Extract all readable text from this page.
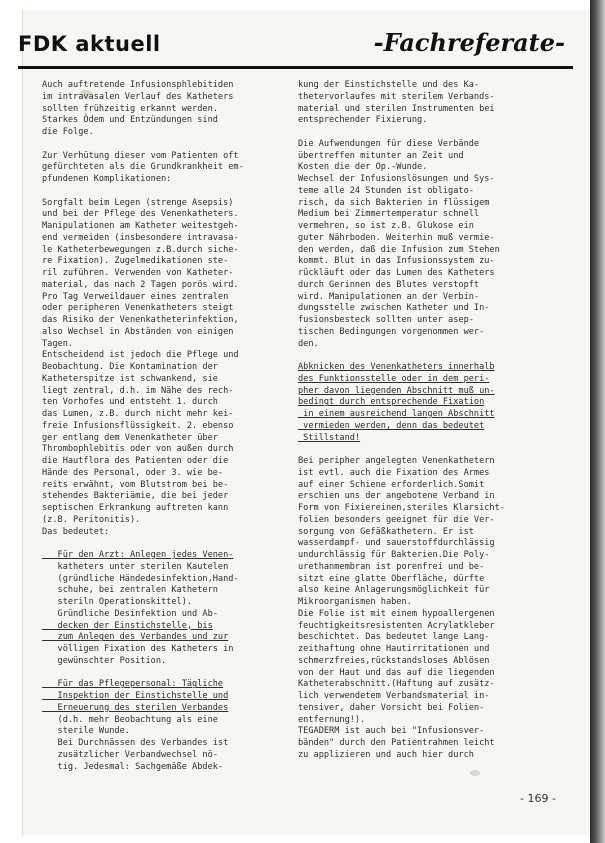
FDK aktuell	-Fachreferate-
Auch auftretende Infusionsphlebitiden
im intravasalen Verlauf des Katheters
sollten frühzeitig erkannt werden.
Starkes Ödem und Entzündungen sind
die Folge.
Zur Verhütung dieser vom Patienten oft
gefürchteten als die Grundkrankheit em-
pfundenen Komplikationen:
Sorgfalt beim Legen (strenge Asepsis)
und bei der Pflege des Venenkatheters.
Manipulationen am Katheter weitestgeh-
end vermeiden (insbesondere intravasa-
le Katheterbewegungen z.B.durch siche-
re Fixation). Zugelmedikationen ste-
ril zuführen. Verwenden von Katheter-
material, das nach 2 Tagen porös wird.
Pro Tag Verweildauer eines zentralen
oder peripheren Venenkatheters steigt
das Risiko der Venenkatheterinfektion,
also Wechsel in Abständen von einigen
Tagen.
Entscheidend ist jedoch die Pflege und
Beobachtung. Die Kontamination der
Katheterspitze ist schwankend, sie
liegt zentral, d.h. im Nähe des rech-
ten Vorhofes und entsteht 1. durch
das Lumen, z.B. durch nicht mehr kei-
freie Infusionsflüssigkeit. 2. ebenso
ger entlang dem Venenkatheter über
Thrombophlebitis oder von außen durch
die Hautflora des Patienten oder die
Hände des Personal, oder 3. wie be-
reits erwähnt, vom Blutstrom bei be-
stehendes Bakteriämie, die bei jeder
septischen Erkrankung auftreten kann
(z.B. Peritonitis).
Das bedeutet:
Für den Arzt: Anlegen jedes Venen-
katheters unter sterilen Kautelen
(gründliche Händedesinfektion,Hand-
schuhe, bei zentralen Kathetern
steriln Operationskittel).
Gründliche Desinfektion und Ab-
decken der Einstichstelle, bis
zum Anlegen des Verbandes und zur
völligen Fixation des Katheters in
gewünschter Position.
Für das Pflegepersonal: Tägliche
Inspektion der Einstichstelle und
Erneuerung des sterilen Verbandes
(d.h. mehr Beobachtung als eine
sterile Wunde.
Bei Durchnässen des Verbandes ist
zusätzlicher Verbandwechsel nö-
tig. Jedesmal: Sachgemäße Abdek-
kung der Einstichstelle und des Ka-
thetervorlaufes mit sterilem Verbands-
material und sterilen Instrumenten bei
entsprechender Fixierung.
Die Aufwendungen für diese Verbände
übertreffen mitunter an Zeit und
Kosten die der Op.-Wunde.
Wechsel der Infusionslösungen und Sys-
teme alle 24 Stunden ist obligato-
risch, da sich Bakterien in flüssigem
Medium bei Zimmertemperatur schnell
vermehren, so ist z.B. Glukose ein
guter Nährboden. Weiterhin muß vermie-
den werden, daß die Infusion zum Stehen
kommt. Blut in das Infusionssystem zu-
rückläuft oder das Lumen des Katheters
durch Gerinnen des Blutes verstopft
wird. Manipulationen an der Verbin-
dungsstelle zwischen Katheter und In-
fusionsbesteck sollten unter asep-
tischen Bedingungen vorgenommen wer-
den.
Abknicken des Venenkatheters innerhalb
des Funktionsstelle oder in dem peri-
pher davon liegenden Abschnitt muß un-
bedingt durch entsprechende Fixation
in einem ausreichend langen Abschnitt
vermieden werden, denn das bedeutet
Stillstand!
Bei peripher angelegten Venenkathetern
ist evtl. auch die Fixation des Armes
auf einer Schiene erforderlich.Somit
erschien uns der angebotene Verband in
Form von Fixiereinen,steriles Klarsicht-
folien besonders geeignet für die Ver-
sorgung von Gefäßkathetern. Er ist
wasserdampf- und sauerstoffdurchlässig
undurchlässig für Bakterien.Die Poly-
urethanmembran ist porenfrei und be-
sitzt eine glatte Oberfläche, dürfte
also keine Anlagerungsmöglichkeit für
Mikroorganismen haben.
Die Folie ist mit einem hypoallergenen
feuchtigkeitsresistenten Acrylatkleber
beschichtet. Das bedeutet lange Lang-
zeithaftung ohne Hautirritationen und
schmerzfreies,rückstandsloses Ablösen
von der Haut und das auf die liegenden
Katheterabschnitt.(Haftung auf zusätz-
lich verwendetem Verbandsmaterial in-
tensiver, daher Vorsicht bei Folien-
entfernung!).
TEGADERM ist auch bei "Infusionsver-
bänden" durch den Patientrahmen leicht
zu applizieren und auch hier durch
- 169 -
